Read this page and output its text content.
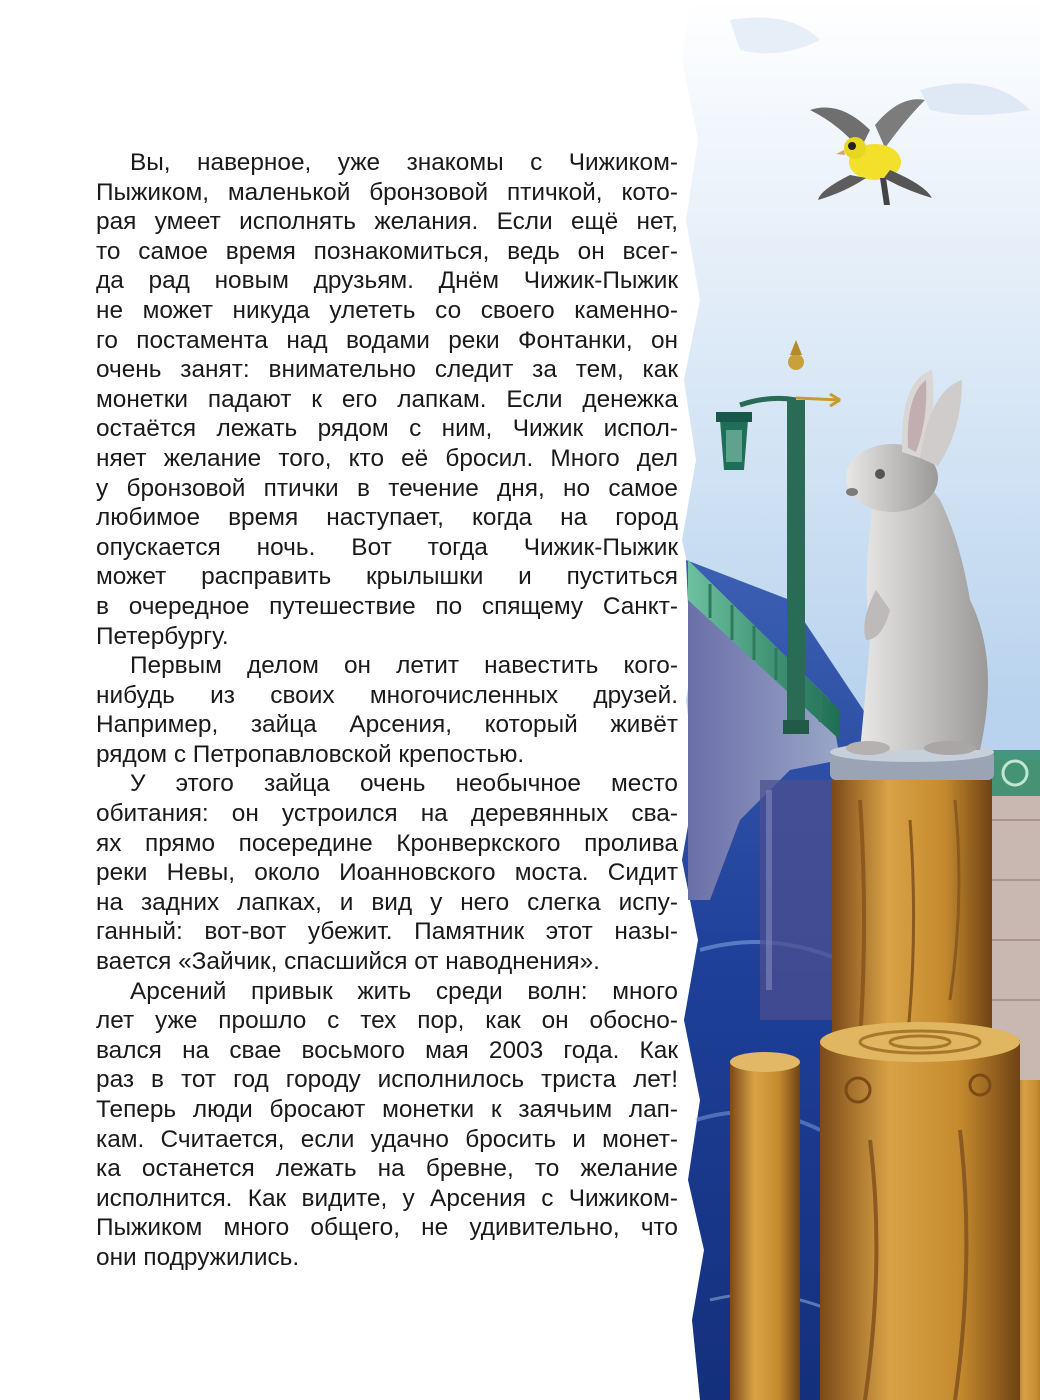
Вы, наверное, уже знакомы с Чижиком-
Пыжиком, маленькой бронзовой птичкой, кото-
рая умеет исполнять желания. Если ещё нет,
то самое время познакомиться, ведь он всег-
да рад новым друзьям. Днём Чижик-Пыжик
не может никуда улететь со своего каменно-
го постамента над водами реки Фонтанки, он
очень занят: внимательно следит за тем, как
монетки падают к его лапкам. Если денежка
остаётся лежать рядом с ним, Чижик испол-
няет желание того, кто её бросил. Много дел
у бронзовой птички в течение дня, но самое
любимое время наступает, когда на город
опускается ночь. Вот тогда Чижик-Пыжик
может расправить крылышки и пуститься
в очередное путешествие по спящему Санкт-
Петербургу.
Первым делом он летит навестить кого-
нибудь из своих многочисленных друзей.
Например, зайца Арсения, который живёт
рядом с Петропавловской крепостью.
У этого зайца очень необычное место
обитания: он устроился на деревянных сва-
ях прямо посередине Кронверкского пролива
реки Невы, около Иоанновского моста. Сидит
на задних лапках, и вид у него слегка испу-
ганный: вот-вот убежит. Памятник этот назы-
вается «Зайчик, спасшийся от наводнения».
Арсений привык жить среди волн: много
лет уже прошло с тех пор, как он обосно-
вался на свае восьмого мая 2003 года. Как
раз в тот год городу исполнилось триста лет!
Теперь люди бросают монетки к заячьим лап-
кам. Считается, если удачно бросить и монет-
ка останется лежать на бревне, то желание
исполнится. Как видите, у Арсения с Чижиком-
Пыжиком много общего, не удивительно, что
они подружились.
